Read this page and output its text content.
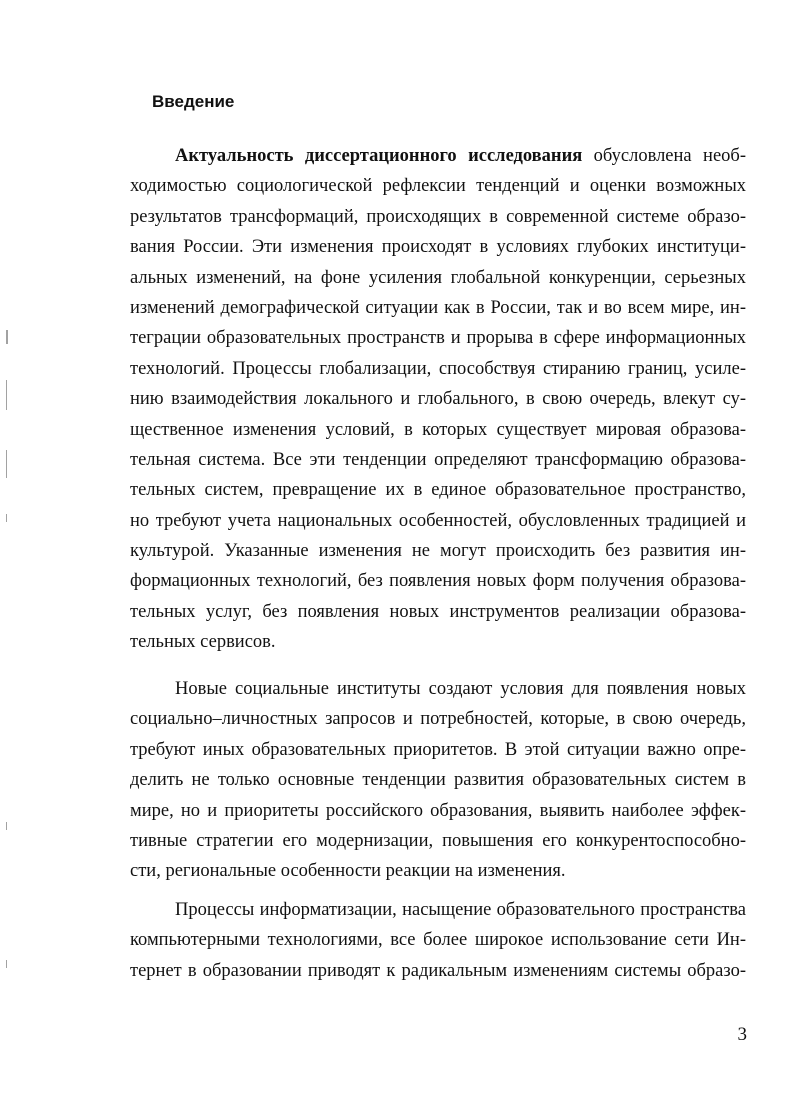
Введение
Актуальность диссертационного исследования обусловлена необ-
ходимостью социологической рефлексии тенденций и оценки возможных
результатов трансформаций, происходящих в современной системе образо-
вания России. Эти изменения происходят в условиях глубоких институци-
альных изменений, на фоне усиления глобальной конкуренции, серьезных
изменений демографической ситуации как в России, так и во всем мире, ин-
теграции образовательных пространств и прорыва в сфере информационных
технологий. Процессы глобализации, способствуя стиранию границ, усиле-
нию взаимодействия локального и глобального, в свою очередь, влекут су-
щественное изменения условий, в которых существует мировая образова-
тельная система. Все эти тенденции определяют трансформацию образова-
тельных систем, превращение их в единое образовательное пространство,
но требуют учета национальных особенностей, обусловленных традицией и
культурой. Указанные изменения не могут происходить без развития ин-
формационных технологий, без появления новых форм получения образова-
тельных услуг, без появления новых инструментов реализации образова-
тельных сервисов.
Новые социальные институты создают условия для появления новых
социально–личностных запросов и потребностей, которые, в свою очередь,
требуют иных образовательных приоритетов. В этой ситуации важно опре-
делить не только основные тенденции развития образовательных систем в
мире, но и приоритеты российского образования, выявить наиболее эффек-
тивные стратегии его модернизации, повышения его конкурентоспособно-
сти, региональные особенности реакции на изменения.
Процессы информатизации, насыщение образовательного пространства
компьютерными технологиями, все более широкое использование сети Ин-
тернет в образовании приводят к радикальным изменениям системы образо-
3
